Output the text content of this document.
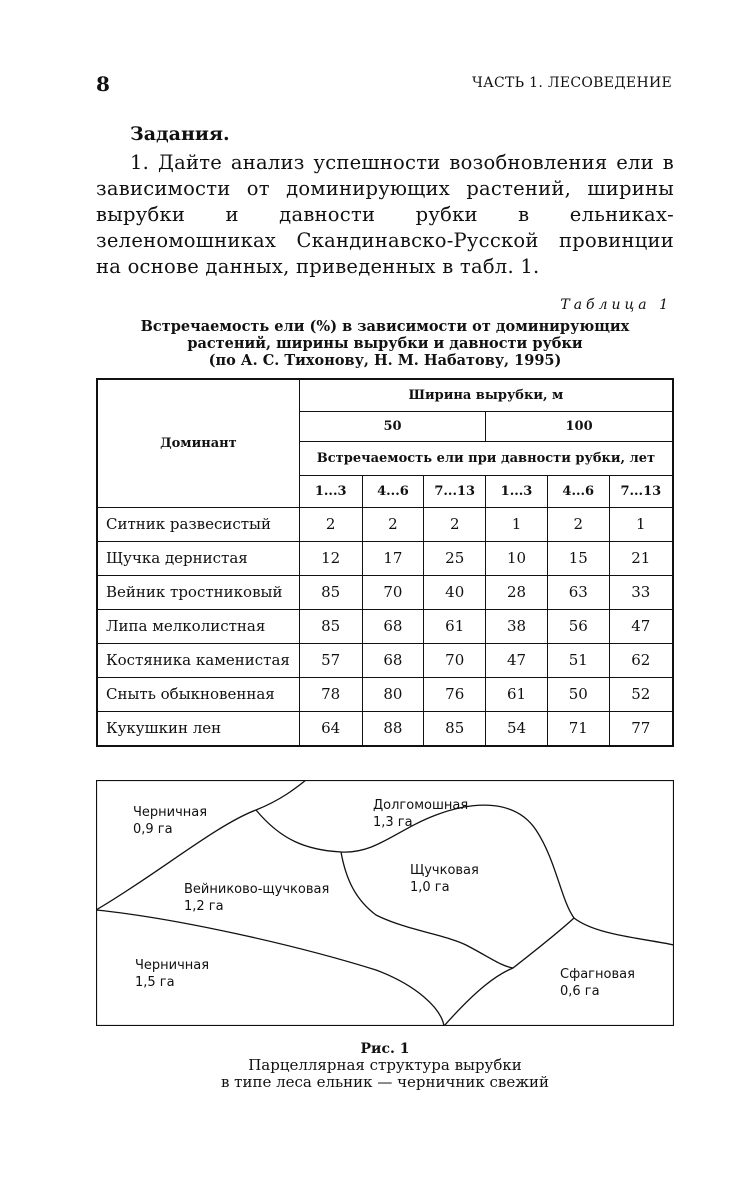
8	ЧАСТЬ 1. ЛЕСОВЕДЕНИЕ
Задания.
1. Дайте анализ успешности возобновления ели в зависимости от доминирующих растений, ширины вырубки и давности рубки в ельниках-зеленомошниках Скандинавско-Русской провинции на основе данных, приведенных в табл. 1.
Таблица 1
Встречаемость ели (%) в зависимости от доминирующих
растений, ширины вырубки и давности рубки
(по А. С. Тихонову, Н. М. Набатову, 1995)
Доминант	Ширина вырубки, м					
	50			100		
	Встречаемость ели при давности рубки, лет					
	1...3	4...6	7...13	1...3	4...6	7...13
Ситник развесистый	2	2	2	1	2	1
Щучка дернистая	12	17	25	10	15	21
Вейник тростниковый	85	70	40	28	63	33
Липа мелколистная	85	68	61	38	56	47
Костяника каменистая	57	68	70	47	51	62
Сныть обыкновенная	78	80	76	61	50	52
Кукушкин лен	64	88	85	54	71	77
Черничная
0,9 га
Долгомошная
1,3 га
Щучковая
1,0 га
Вейниково-щучковая
1,2 га
Черничная
1,5 га
Сфагновая
0,6 га
Рис. 1
Парцеллярная структура вырубки
в типе леса ельник — черничник свежий
